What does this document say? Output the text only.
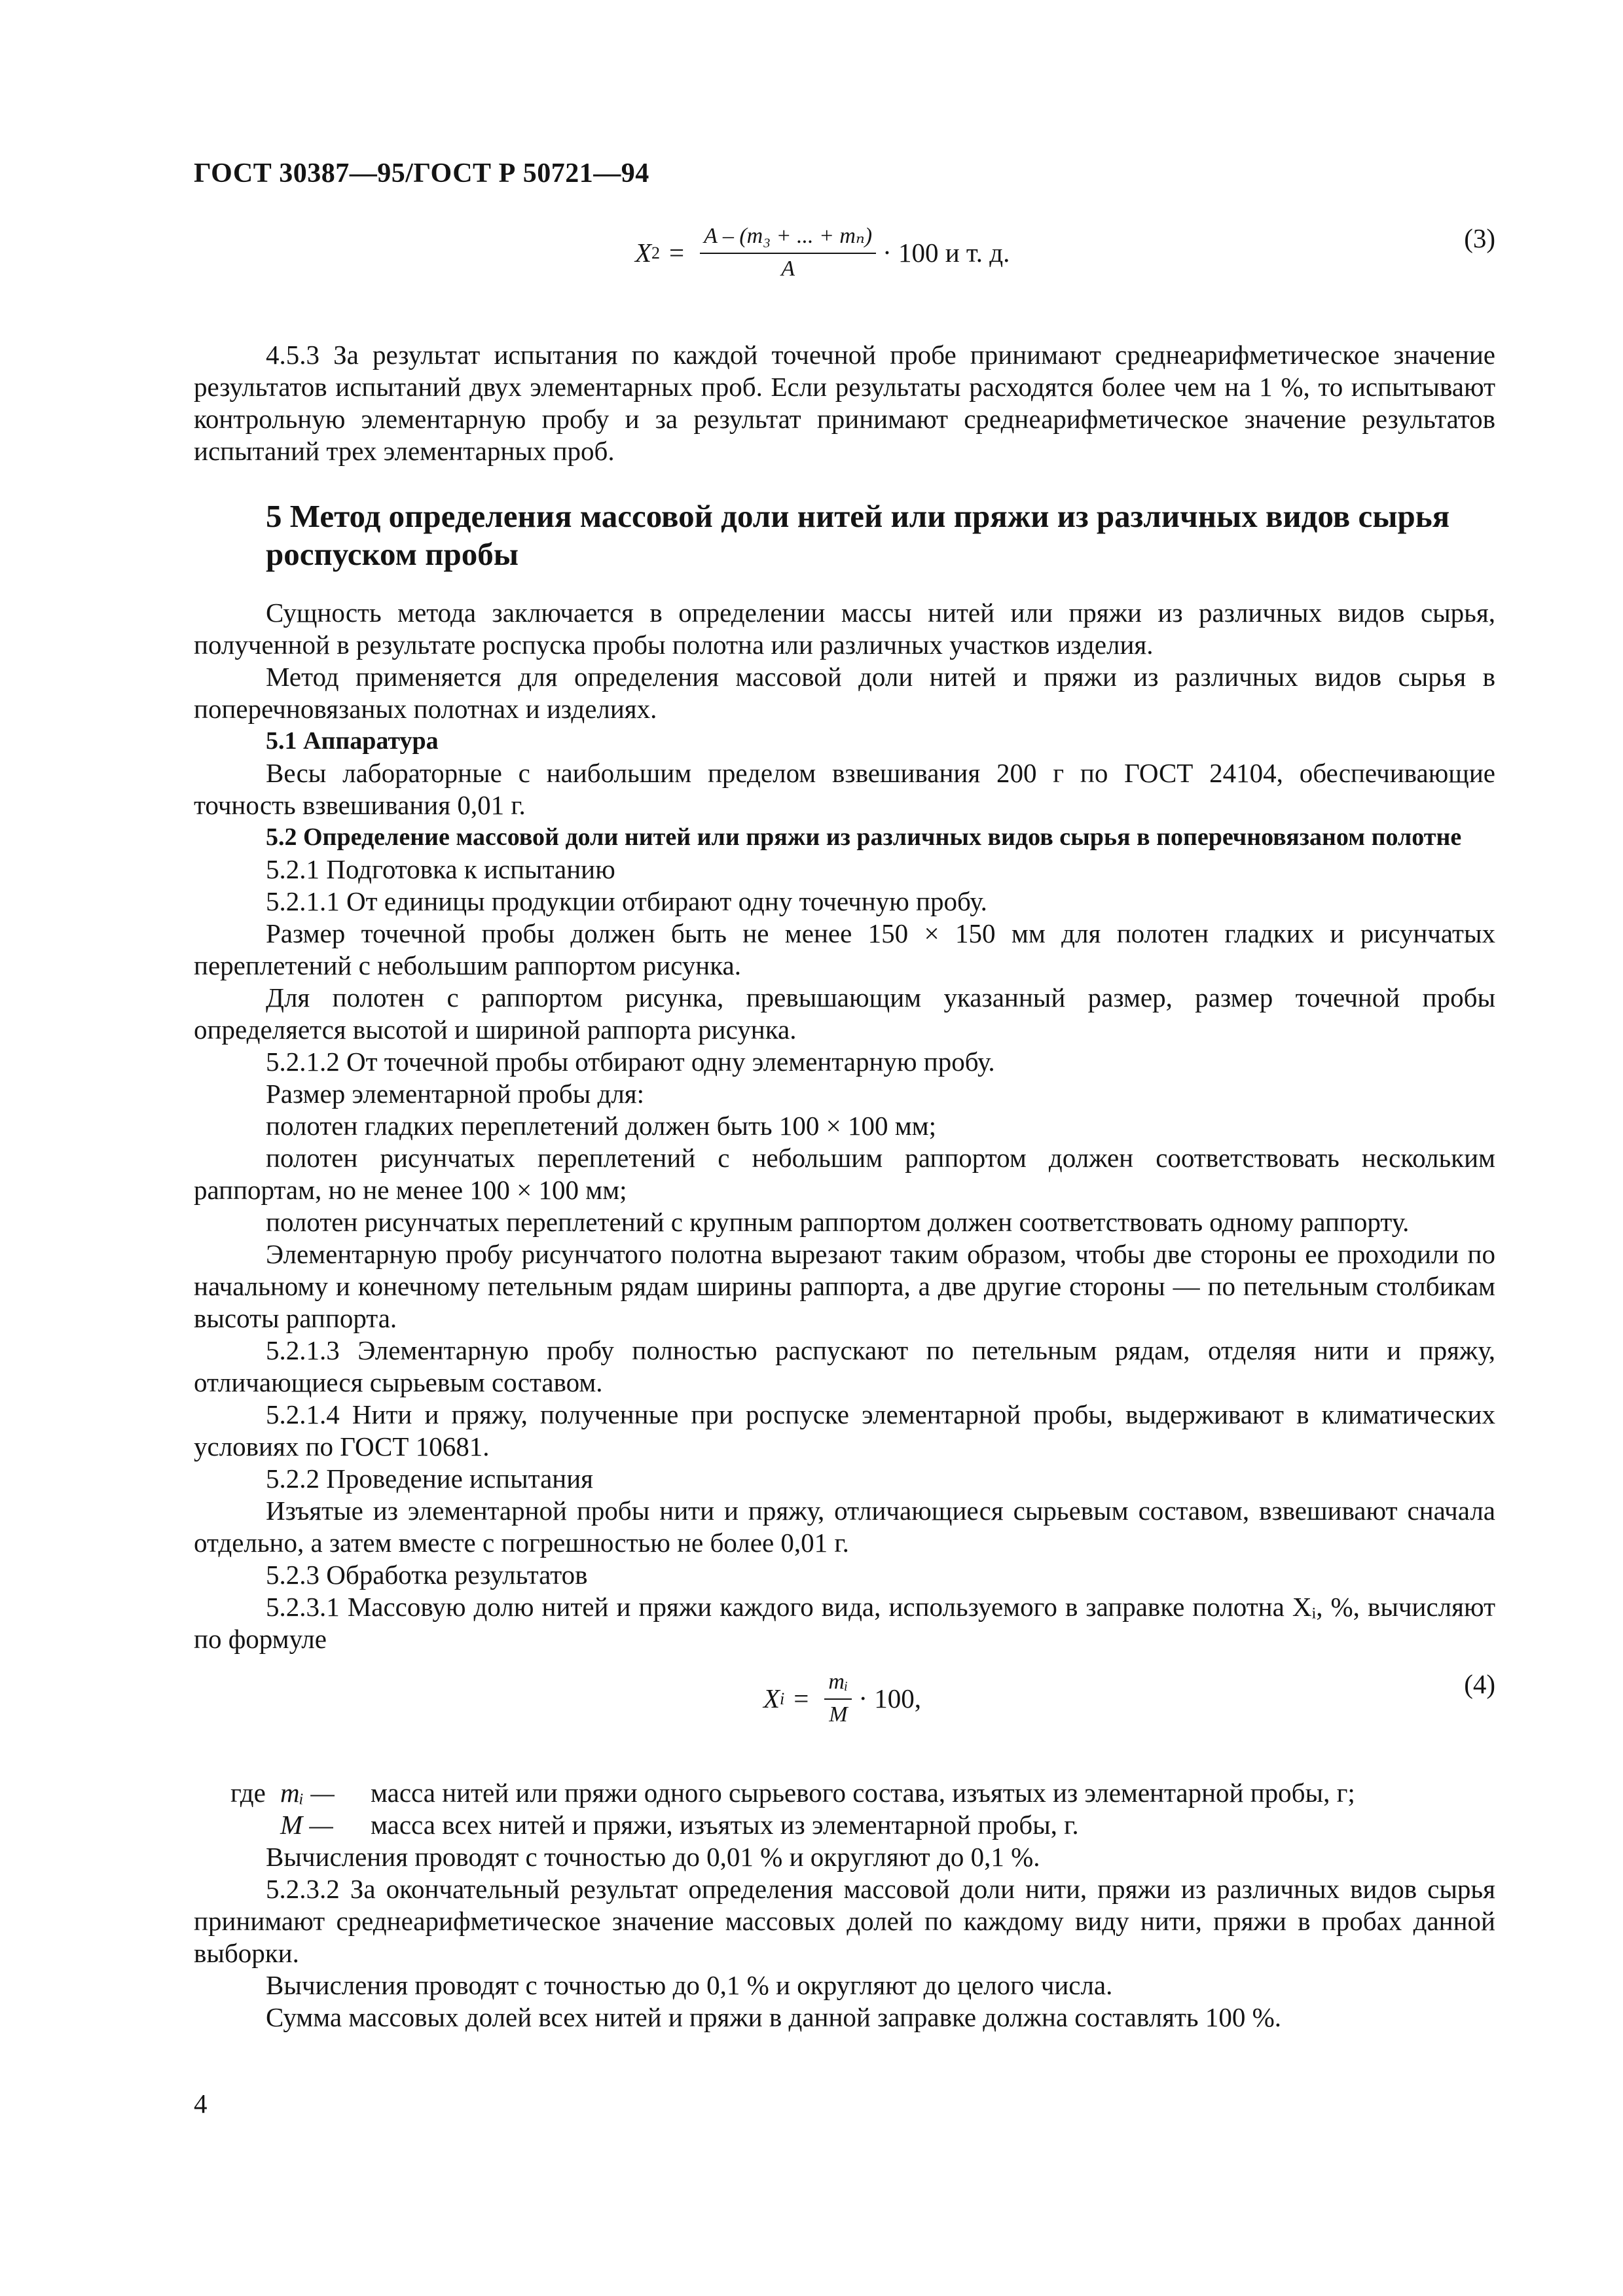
ГОСТ 30387—95/ГОСТ Р 50721—94
X $2 = \frac{\text{A – (m₃ + ... + mₙ)}}{A} \cdot 100$ и т. д.	(3)

4.5.3 За результат испытания по каждой точечной пробе принимают среднеарифметическое значение результатов испытаний двух элементарных проб. Если результаты расходятся более чем на 1 %, то испытывают контрольную элементарную пробу и за результат принимают среднеарифметическое значение результатов испытаний трех элементарных проб.

5 Метод определения массовой доли нитей или пряжи из различных видов сырья роспуском пробы

Сущность метода заключается в определении массы нитей или пряжи из различных видов сырья, полученной в результате роспуска пробы полотна или различных участков изделия.

Метод применяется для определения массовой доли нитей и пряжи из различных видов сырья в поперечновязаных полотнах и изделиях.

5.1 Аппаратура

Весы лабораторные с наибольшим пределом взвешивания 200 г по ГОСТ 24104, обеспечивающие точность взвешивания 0,01 г.

5.2 Определение массовой доли нитей или пряжи из различных видов сырья в поперечновязаном полотне

5.2.1 Подготовка к испытанию

5.2.1.1 От единицы продукции отбирают одну точечную пробу.

Размер точечной пробы должен быть не менее 150 × 150 мм для полотен гладких и рисунчатых переплетений с небольшим раппортом рисунка.

Для полотен с раппортом рисунка, превышающим указанный размер, размер точечной пробы определяется высотой и шириной раппорта рисунка.

5.2.1.2 От точечной пробы отбирают одну элементарную пробу.

Размер элементарной пробы для:

полотен гладких переплетений должен быть 100 × 100 мм;

полотен рисунчатых переплетений с небольшим раппортом должен соответствовать нескольким раппортам, но не менее 100 × 100 мм;

полотен рисунчатых переплетений с крупным раппортом должен соответствовать одному раппорту.

Элементарную пробу рисунчатого полотна вырезают таким образом, чтобы две стороны ее проходили по начальному и конечному петельным рядам ширины раппорта, а две другие стороны — по петельным столбикам высоты раппорта.

5.2.1.3 Элементарную пробу полностью распускают по петельным рядам, отделяя нити и пряжу, отличающиеся сырьевым составом.

5.2.1.4 Нити и пряжу, полученные при роспуске элементарной пробы, выдерживают в климатических условиях по ГОСТ 10681.

5.2.2 Проведение испытания

Изъятые из элементарной пробы нити и пряжу, отличающиеся сырьевым составом, взвешивают сначала отдельно, а затем вместе с погрешностью не более 0,01 г.

5.2.3 Обработка результатов

5.2.3.1 Массовую долю нитей и пряжи каждого вида, используемого в заправке полотна Xᵢ, %, вычисляют по формуле

X $i = \frac{\text{mᵢ}}{M} \cdot 100$,	(4)
где mᵢ — масса нитей или пряжи одного сырьевого состава, изъятых из элементарной пробы, г;
M — масса всех нитей и пряжи, изъятых из элементарной пробы, г.

Вычисления проводят с точностью до 0,01 % и округляют до 0,1 %.

5.2.3.2 За окончательный результат определения массовой доли нити, пряжи из различных видов сырья принимают среднеарифметическое значение массовых долей по каждому виду нити, пряжи в пробах данной выборки.

Вычисления проводят с точностью до 0,1 % и округляют до целого числа.

Сумма массовых долей всех нитей и пряжи в данной заправке должна составлять 100 %.

4
